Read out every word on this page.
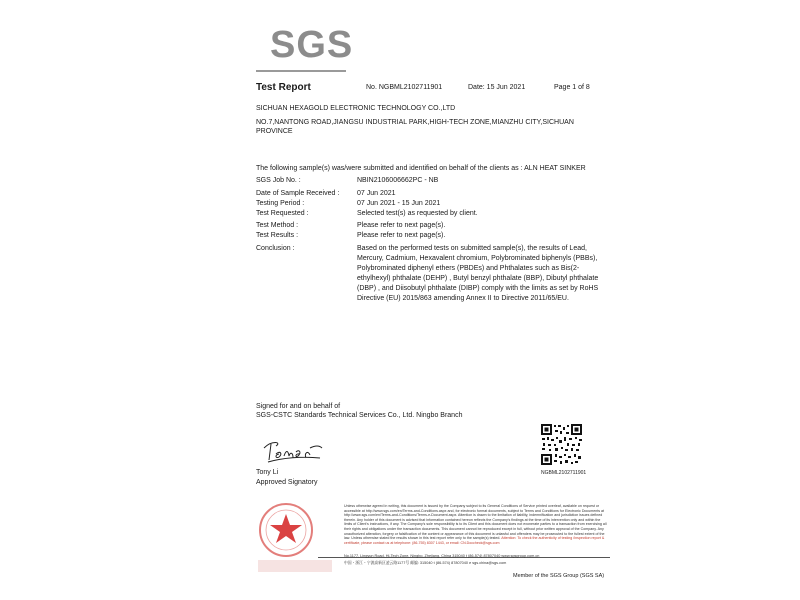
SGS
Test Report	No. NGBML2102711901	Date: 15 Jun 2021	Page 1 of 8
SICHUAN HEXAGOLD ELECTRONIC TECHNOLOGY CO.,LTD
NO.7,NANTONG ROAD,JIANGSU INDUSTRIAL PARK,HIGH-TECH ZONE,MIANZHU CITY,SICHUAN PROVINCE
The following sample(s) was/were submitted and identified on behalf of the clients as : ALN HEAT SINKER
SGS Job No. :	NBIN2106006662PC - NB
Date of Sample Received :	07 Jun 2021
Testing Period :	07 Jun 2021 - 15 Jun 2021
Test Requested :	Selected test(s) as requested by client.
Test Method :	Please refer to next page(s).
Test Results :	Please refer to next page(s).
Conclusion :	Based on the performed tests on submitted sample(s), the results of Lead, Mercury, Cadmium, Hexavalent chromium, Polybrominated biphenyls (PBBs), Polybrominated diphenyl ethers (PBDEs) and Phthalates such as Bis(2-ethylhexyl) phthalate (DEHP) , Butyl benzyl phthalate (BBP), Dibutyl phthalate (DBP) , and Diisobutyl phthalate (DIBP) comply with the limits as set by RoHS Directive (EU) 2015/863 amending Annex II to Directive 2011/65/EU.
Signed for and on behalf of
SGS-CSTC Standards Technical Services Co., Ltd. Ningbo Branch
Tony Li
Approved Signatory
NGBML2102711901
Unless otherwise agreed in writing, this document is issued by the Company subject to its General Conditions of Service printed overleaf, available on request or accessible at http://www.sgs.com/en/Terms-and-Conditions.aspx and, for electronic format documents, subject to Terms and Conditions for Electronic Documents at http://www.sgs.com/en/Terms-and-Conditions/Terms-e-Document.aspx. Attention is drawn to the limitation of liability, indemnification and jurisdiction issues defined therein. Any holder of this document is advised that information contained hereon reflects the Company's findings at the time of its intervention only and within the limits of Client's instructions, if any. The Company's sole responsibility is to its Client and this document does not exonerate parties to a transaction from exercising all their rights and obligations under the transaction documents. This document cannot be reproduced except in full, without prior written approval of the Company. Any unauthorized alteration, forgery or falsification of the content or appearance of this document is unlawful and offenders may be prosecuted to the fullest extent of the law. Unless otherwise stated the results shown in this test report refer only to the sample(s) tested. Attention: To check the authenticity of testing /inspection report & certificate, please contact us at telephone: (86-755) 8307 1443, or email: CN.Doccheck@sgs.com
No.1177, Lingyun Road, Hi-Tech Zone, Ningbo, Zhejiang, China 315040 t (86-574) 87807040 www.sgsgroup.com.cn
中国・浙江・宁波高新区凌云路1177号 邮编: 315040 t (86-574) 87807040 e sgs.china@sgs.com
Member of the SGS Group (SGS SA)
